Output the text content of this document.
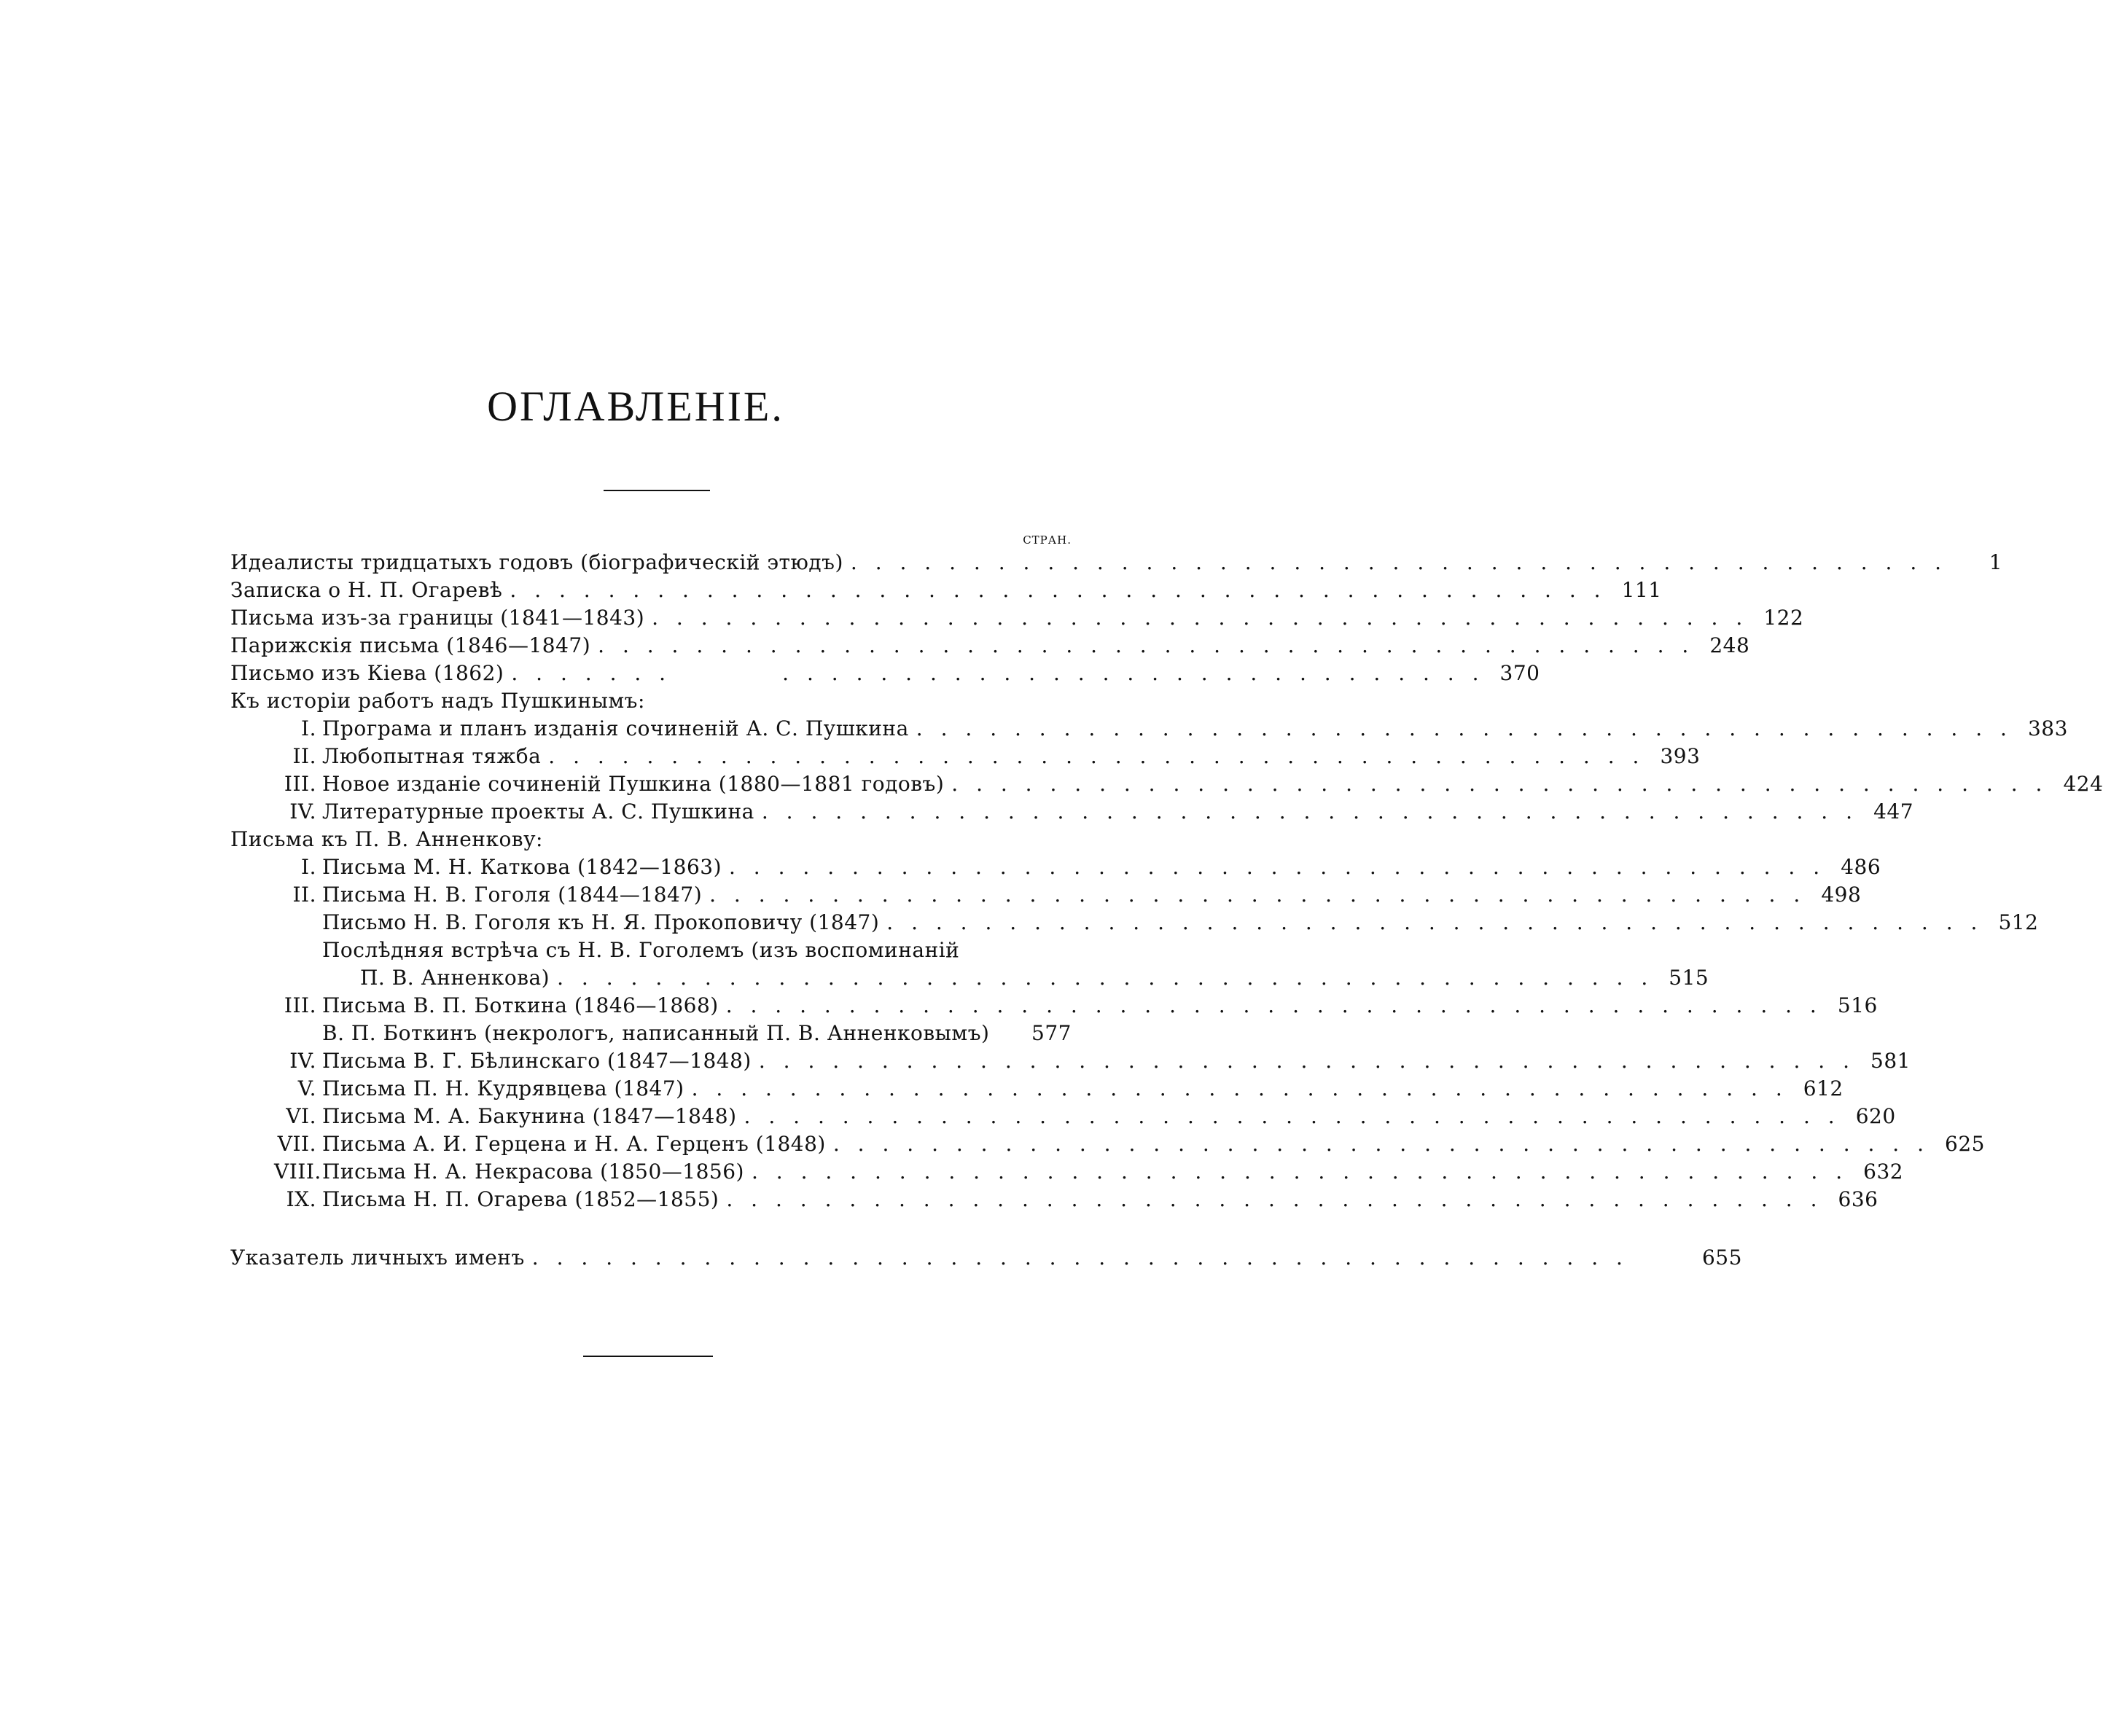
ОГЛАВЛЕНІЕ.
СТРАН.
Идеалисты тридцатыхъ годовъ (біографическій этюдъ) . . . . . . . . . . . . . . . . . . . . . . . . . . . . . . . . . . . . . . . . . . . . .	1
Записка о Н. П. Огаревѣ . . . . . . . . . . . . . . . . . . . . . . . . . . . . . . . . . . . . . . . . . . . . . 111
Письма изъ-за границы (1841—1843) . . . . . . . . . . . . . . . . . . . . . . . . . . . . . . . . . . . . . . . . . . . . . 122
Парижскія письма (1846—1847) . . . . . . . . . . . . . . . . . . . . . . . . . . . . . . . . . . . . . . . . . . . . . 248
Письмо изъ Кіева (1862) . . . . . . .         . . . . . . . . . . . . . . . . . . . . . . . . . . . . . 370
Къ исторіи работъ надъ Пушкинымъ:
I. Програма и планъ изданія сочиненій А. С. Пушкина . . . . . . . . . . . . . . . . . . . . . . . . . . . . . . . . . . . . . . . . . . . . . 383
II. Любопытная тяжба . . . . . . . . . . . . . . . . . . . . . . . . . . . . . . . . . . . . . . . . . . . . . 393
III. Новое изданіе сочиненій Пушкина (1880—1881 годовъ) . . . . . . . . . . . . . . . . . . . . . . . . . . . . . . . . . . . . . . . . . . . . . 424
IV. Литературные проекты А. С. Пушкина . . . . . . . . . . . . . . . . . . . . . . . . . . . . . . . . . . . . . . . . . . . . . 447
Письма къ П. В. Анненкову:
I. Письма М. Н. Каткова (1842—1863) . . . . . . . . . . . . . . . . . . . . . . . . . . . . . . . . . . . . . . . . . . . . . 486
II. Письма Н. В. Гоголя (1844—1847) . . . . . . . . . . . . . . . . . . . . . . . . . . . . . . . . . . . . . . . . . . . . . 498
Письмо Н. В. Гоголя къ Н. Я. Прокоповичу (1847) . . . . . . . . . . . . . . . . . . . . . . . . . . . . . . . . . . . . . . . . . . . . . 512
Послѣдняя встрѣча съ Н. В. Гоголемъ (изъ воспоминаній
П. В. Анненкова) . . . . . . . . . . . . . . . . . . . . . . . . . . . . . . . . . . . . . . . . . . . . . 515
III. Письма В. П. Боткина (1846—1868) . . . . . . . . . . . . . . . . . . . . . . . . . . . . . . . . . . . . . . . . . . . . . 516
В. П. Боткинъ (некрологъ, написанный П. В. Анненковымъ)	577
IV. Письма В. Г. Бѣлинскаго (1847—1848) . . . . . . . . . . . . . . . . . . . . . . . . . . . . . . . . . . . . . . . . . . . . . 581
V. Письма П. Н. Кудрявцева (1847) . . . . . . . . . . . . . . . . . . . . . . . . . . . . . . . . . . . . . . . . . . . . . 612
VI. Письма М. А. Бакунина (1847—1848) . . . . . . . . . . . . . . . . . . . . . . . . . . . . . . . . . . . . . . . . . . . . . 620
VII. Письма А. И. Герцена и Н. А. Герценъ (1848) . . . . . . . . . . . . . . . . . . . . . . . . . . . . . . . . . . . . . . . . . . . . . 625
VIII. Письма Н. А. Некрасова (1850—1856) . . . . . . . . . . . . . . . . . . . . . . . . . . . . . . . . . . . . . . . . . . . . . 632
IX. Письма Н. П. Огарева (1852—1855) . . . . . . . . . . . . . . . . . . . . . . . . . . . . . . . . . . . . . . . . . . . . . 636
Указатель личныхъ именъ . . . . . . . . . . . . . . . . . . . . . . . . . . . . . . . . . . . . . . . . . . . . .	655
